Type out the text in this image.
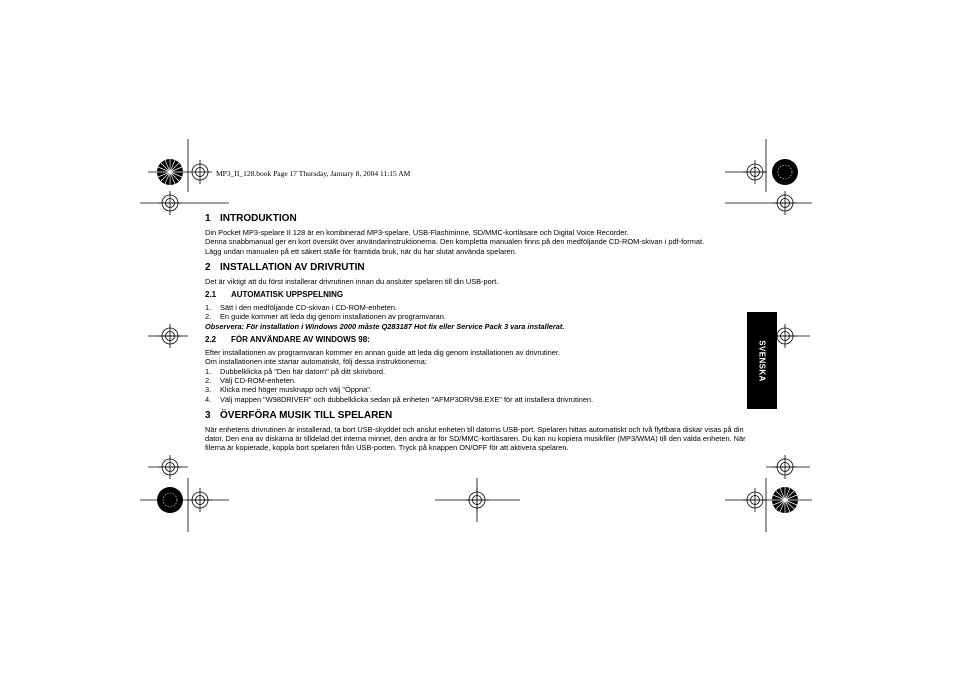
MP3_II_128.book Page 17 Thursday, January 8, 2004 11:15 AM
SVENSKA
1 INTRODUKTION

Din Pocket MP3-spelare II 128 är en kombinerad MP3-spelare, USB-Flashminne, SD/MMC-kortläsare och Digital Voice Recorder.

Denna snabbmanual ger en kort översikt över användarinstruktionerna. Den kompletta manualen finns på den medföljande CD-ROM-skivan i pdf-format.

Lägg undan manualen på ett säkert ställe för framtida bruk, när du har slutat använda spelaren.

2 INSTALLATION AV DRIVRUTIN

Det är viktigt att du först installerar drivrutinen innan du ansluter spelaren till din USB-port.

2.1 AUTOMATISK UPPSPELNING
1. Sätt i den medföljande CD-skivan i CD-ROM-enheten.
2. En guide kommer att leda dig genom installationen av programvaran.
Observera: För installation i Windows 2000 måste Q283187 Hot fix eller Service Pack 3 vara installerat.
2.2 FÖR ANVÄNDARE AV WINDOWS 98:

Efter installationen av programvaran kommer en annan guide att leda dig genom installationen av drivrutiner.

Om installationen inte startar automatiskt, följ dessa instruktionerna:

1. Dubbelklicka på "Den här datorn" på ditt skrivbord.
2. Välj CD-ROM-enheten.
3. Klicka med höger musknapp och välj "Öppna".
4. Välj mappen "W98DRIVER" och dubbelklicka sedan på enheten "AFMP3DRV98.EXE" för att installera drivrutinen.
3 ÖVERFÖRA MUSIK TILL SPELAREN

När enhetens drivrutinen är installerad, ta bort USB-skyddet och anslut enheten till datorns USB-port. Spelaren hittas automatiskt och två flyttbara diskar visas på din dator. Den ena av diskarna är tilldelad det interna minnet, den andra är för SD/MMC-kortläsaren. Du kan nu kopiera musikfiler (MP3/WMA) till den valda enheten. När filerna är kopierade, koppla bort spelaren från USB-porten. Tryck på knappen ON/OFF för att aktivera spelaren.
